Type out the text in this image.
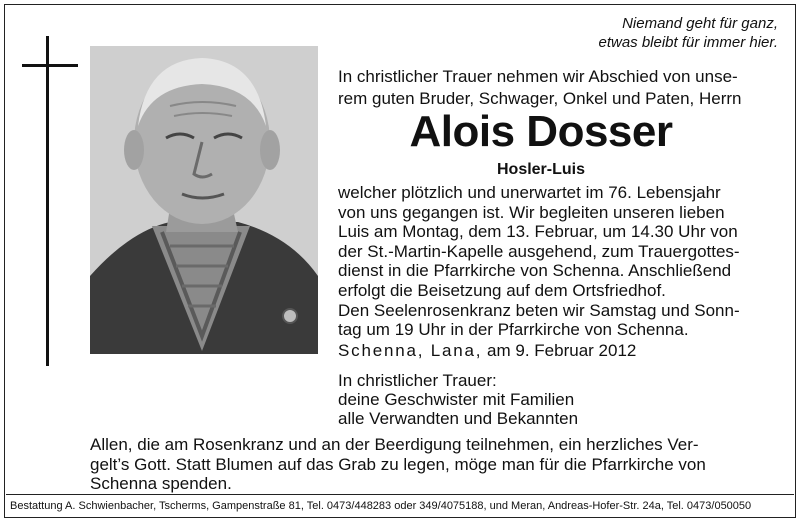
Niemand geht für ganz,
etwas bleibt für immer hier.
In christlicher Trauer nehmen wir Abschied von unse-
rem guten Bruder, Schwager, Onkel und Paten, Herrn
Alois Dosser
Hosler-Luis
welcher plötzlich und unerwartet im 76. Lebensjahr
von uns gegangen ist. Wir begleiten unseren lieben
Luis am Montag, dem 13. Februar, um 14.30 Uhr von
der St.-Martin-Kapelle ausgehend, zum Trauergottes-
dienst in die Pfarrkirche von Schenna. Anschließend
erfolgt die Beisetzung auf dem Ortsfriedhof.
Den Seelenrosenkranz beten wir Samstag und Sonn-
tag um 19 Uhr in der Pfarrkirche von Schenna.
Schenna, Lana, am 9. Februar 2012
In christlicher Trauer:
deine Geschwister mit Familien
alle Verwandten und Bekannten
Allen, die am Rosenkranz und an der Beerdigung teilnehmen, ein herzliches Ver-
gelt’s Gott. Statt Blumen auf das Grab zu legen, möge man für die Pfarrkirche von
Schenna spenden.
Bestattung A. Schwienbacher, Tscherms, Gampenstraße 81, Tel. 0473/448283 oder 349/4075188, und Meran, Andreas-Hofer-Str. 24a, Tel. 0473/050050
